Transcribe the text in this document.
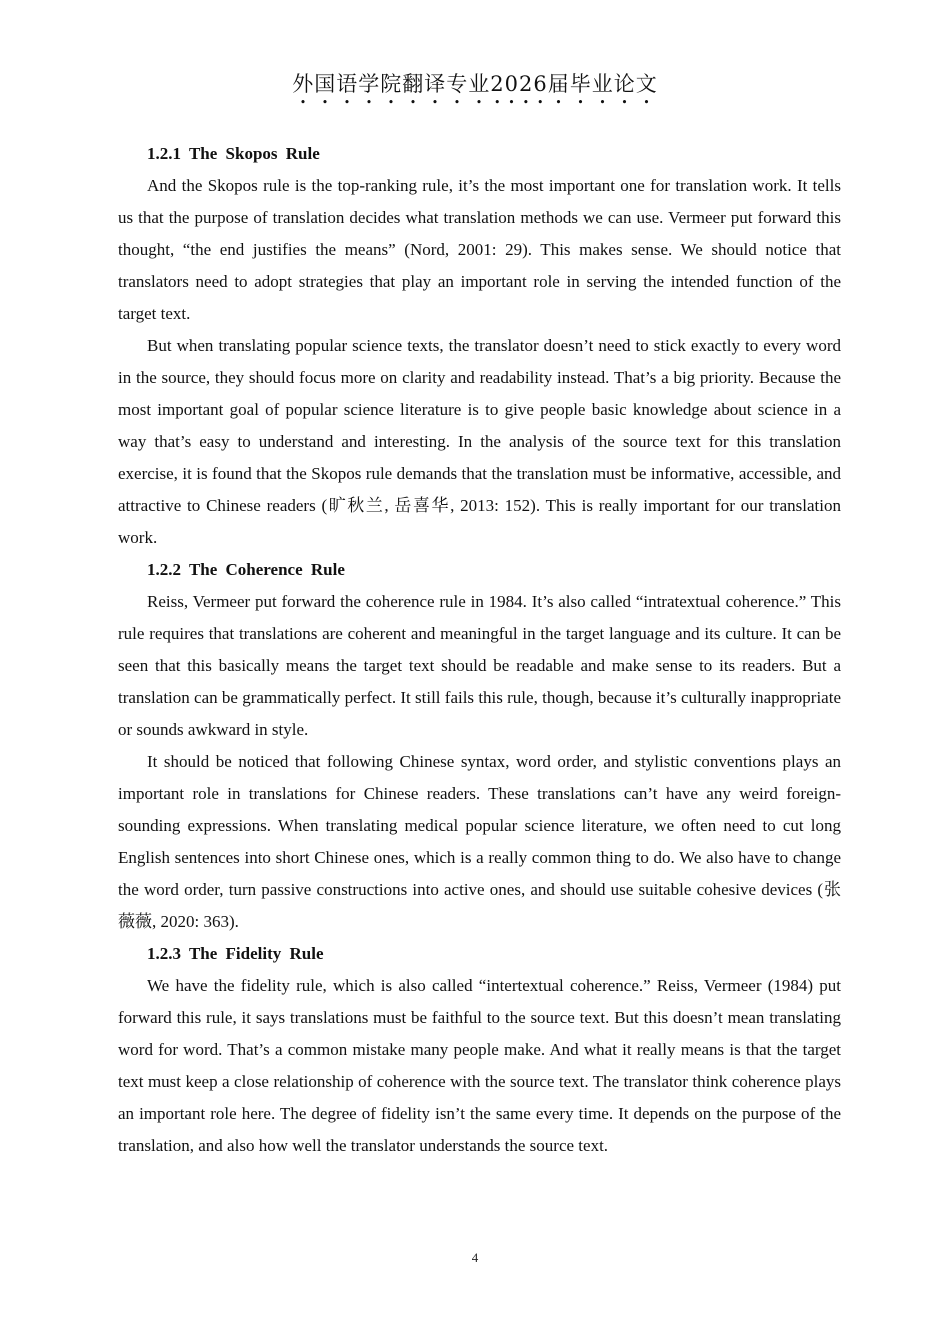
外国语学院翻译专业2026届毕业论文

1.2.1 The Skopos Rule

And the Skopos rule is the top-ranking rule, it’s the most important one for translation work. It tells us that the purpose of translation decides what translation methods we can use. Vermeer put forward this thought, “the end justifies the means” (Nord, 2001: 29). This makes sense. We should notice that translators need to adopt strategies that play an important role in serving the intended function of the target text.

But when translating popular science texts, the translator doesn’t need to stick exactly to every word in the source, they should focus more on clarity and readability instead. That’s a big priority. Because the most important goal of popular science literature is to give people basic knowledge about science in a way that’s easy to understand and interesting. In the analysis of the source text for this translation exercise, it is found that the Skopos rule demands that the translation must be informative, accessible, and attractive to Chinese readers (旷秋兰, 岳喜华, 2013: 152). This is really important for our translation work.

1.2.2 The Coherence Rule

Reiss, Vermeer put forward the coherence rule in 1984. It’s also called “intratextual coherence.” This rule requires that translations are coherent and meaningful in the target language and its culture. It can be seen that this basically means the target text should be readable and make sense to its readers. But a translation can be grammatically perfect. It still fails this rule, though, because it’s culturally inappropriate or sounds awkward in style.

It should be noticed that following Chinese syntax, word order, and stylistic conventions plays an important role in translations for Chinese readers. These translations can’t have any weird foreign-sounding expressions. When translating medical popular science literature, we often need to cut long English sentences into short Chinese ones, which is a really common thing to do. We also have to change the word order, turn passive constructions into active ones, and should use suitable cohesive devices (张薇薇, 2020: 363).

1.2.3 The Fidelity Rule

We have the fidelity rule, which is also called “intertextual coherence.” Reiss, Vermeer (1984) put forward this rule, it says translations must be faithful to the source text. But this doesn’t mean translating word for word. That’s a common mistake many people make. And what it really means is that the target text must keep a close relationship of coherence with the source text. The translator think coherence plays an important role here. The degree of fidelity isn’t the same every time. It depends on the purpose of the translation, and also how well the translator understands the source text.

4
